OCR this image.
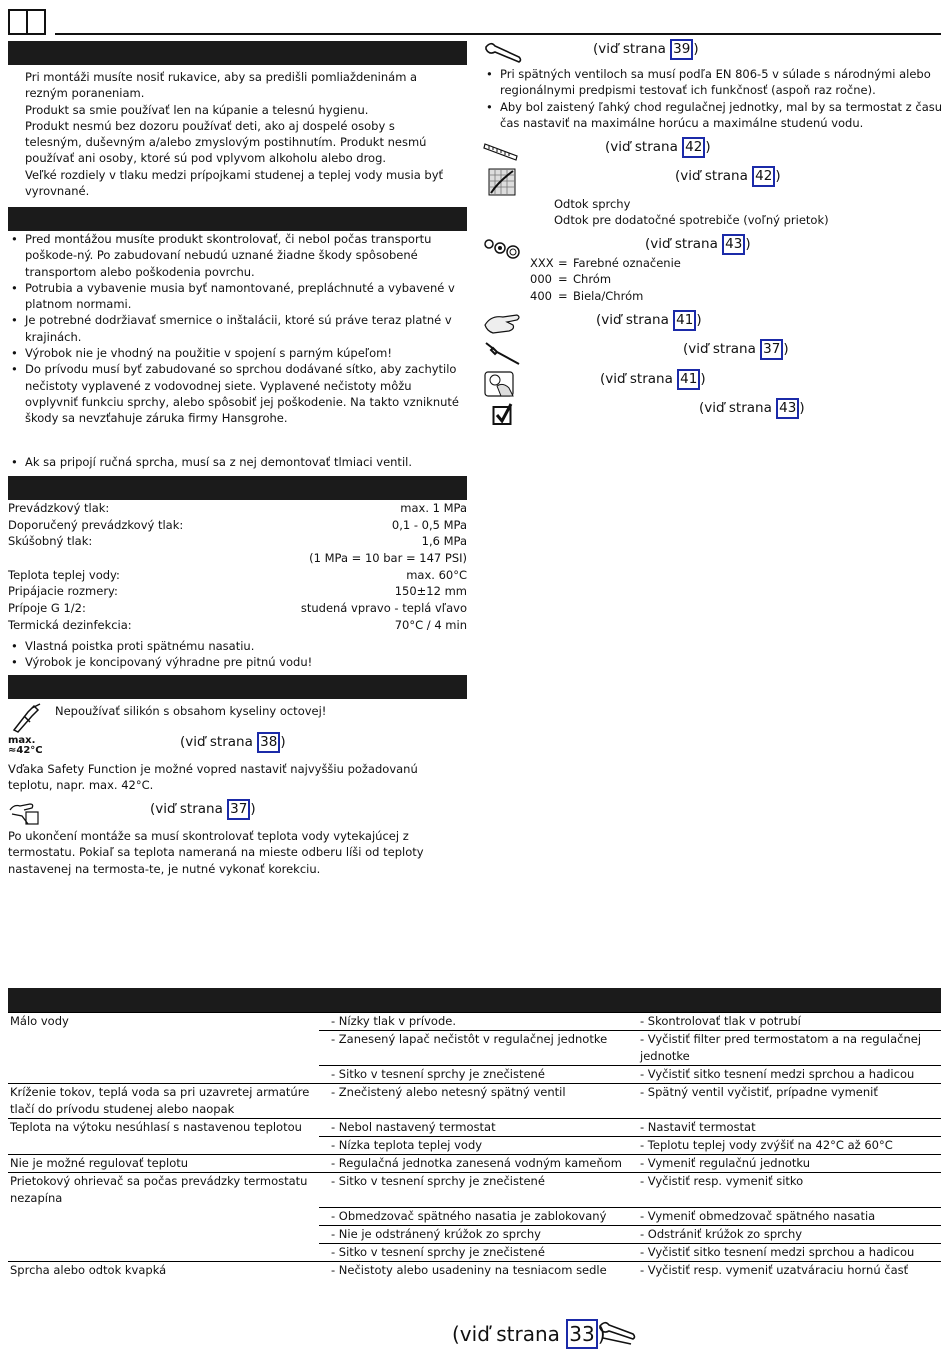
Pri montáži musíte nosiť rukavice, aby sa predišli pomliaždeninám a rezným poraneniam.

Produkt sa smie používať len na kúpanie a telesnú hygienu.

Produkt nesmú bez dozoru používať deti, ako aj dospelé osoby s telesným, duševným a/alebo zmyslovým postihnutím. Produkt nesmú používať ani osoby, ktoré sú pod vplyvom alkoholu alebo drog.

Veľké rozdiely v tlaku medzi prípojkami studenej a teplej vody musia byť vyrovnané.

• Pred montážou musíte produkt skontrolovať, či nebol počas transportu poškode-ný. Po zabudovaní nebudú uznané žiadne škody spôsobené transportom alebo poškodenia povrchu.
• Potrubia a vybavenie musia byť namontované, prepláchnuté a vybavené v platnom normami.
• Je potrebné dodržiavať smernice o inštalácii, ktoré sú práve teraz platné v krajinách.
• Výrobok nie je vhodný na použitie v spojení s parným kúpeľom!
• Do prívodu musí byť zabudované so sprchou dodávané sítko, aby zachytilo nečistoty vyplavené z vodovodnej siete. Vyplavené nečistoty môžu ovplyvniť funkciu sprchy, alebo spôsobiť jej poškodenie. Na takto vzniknuté škody sa nevzťahuje záruka firmy Hansgrohe.
• Ak sa pripojí ručná sprcha, musí sa z nej demontovať tlmiaci ventil.
Prevádzkový tlak:	max. 1 MPa
Doporučený prevádzkový tlak:	0,1 - 0,5 MPa
Skúšobný tlak:	1,6 MPa
(1 MPa = 10 bar = 147 PSI)
Teplota teplej vody:	max. 60°C
Pripájacie rozmery:	150±12 mm
Prípoje G 1/2:	studená vpravo - teplá vľavo
Termická dezinfekcia:	70°C / 4 min
• Vlastná poistka proti spätnému nasatiu.
• Výrobok je koncipovaný výhradne pre pitnú vodu!
Nepoužívať silikón s obsahom kyseliny octovej!
max.
≈42°C
(viď strana 38 )
Vďaka Safety Function je možné vopred nastaviť najvyššiu požadovanú teplotu, napr. max. 42°C.
(viď strana 37 )
Po ukončení montáže sa musí skontrolovať teplota vody vytekajúcej z termostatu. Pokiaľ sa teplota nameraná na mieste odberu líši od teploty nastavenej na termosta-te, je nutné vykonať korekciu.
(viď strana 39 )
• Pri spätných ventiloch sa musí podľa EN 806-5 v súlade s národnými alebo regionálnymi predpismi testovať ich funkčnosť (aspoň raz ročne).
• Aby bol zaistený ľahký chod regulačnej jednotky, mal by sa termostat z času čas nastaviť na maximálne horúcu a maximálne studenú vodu.
(viď strana 42 )
(viď strana 42 )
Odtok sprchy
Odtok pre dodatočné spotrebiče (voľný prietok)
(viď strana 43 )
XXX = Farebné označenie
000 = Chróm
400 = Biela/Chróm
(viď strana 41 )
(viď strana 37 )
(viď strana 41 )
(viď strana 43 )
Málo vody	- Nízky tlak v prívode.	- Skontrolovať tlak v potrubí
	- Zanesený lapač nečistôt v regulačnej jednotke	- Vyčistiť filter pred termostatom a na regulačnej jednotke
	- Sitko v tesnení sprchy je znečistené	- Vyčistiť sitko tesnení medzi sprchou a hadicou
Kríženie tokov, teplá voda sa pri uzavretej armatúre tlačí do prívodu studenej alebo naopak	- Znečistený alebo netesný spätný ventil	- Spätný ventil vyčistiť, prípadne vymeniť
Teplota na výtoku nesúhlasí s nastavenou teplotou	- Nebol nastavený termostat	- Nastaviť termostat
	- Nízka teplota teplej vody	- Teplotu teplej vody zvýšiť na 42°C až 60°C
Nie je možné regulovať teplotu	- Regulačná jednotka zanesená vodným kameňom	- Vymeniť regulačnú jednotku
Prietokový ohrievač sa počas prevádzky termostatu nezapína	- Sitko v tesnení sprchy je znečistené	- Vyčistiť resp. vymeniť sitko
	- Obmedzovač spätného nasatia je zablokovaný	- Vymeniť obmedzovač spätného nasatia
	- Nie je odstránený krúžok zo sprchy	- Odstrániť krúžok zo sprchy
	- Sitko v tesnení sprchy je znečistené	- Vyčistiť sitko tesnení medzi sprchou a hadicou
Sprcha alebo odtok kvapká	- Nečistoty alebo usadeniny na tesniacom sedle	- Vyčistiť resp. vymeniť uzatváraciu hornú časť
(viď strana 33 )
